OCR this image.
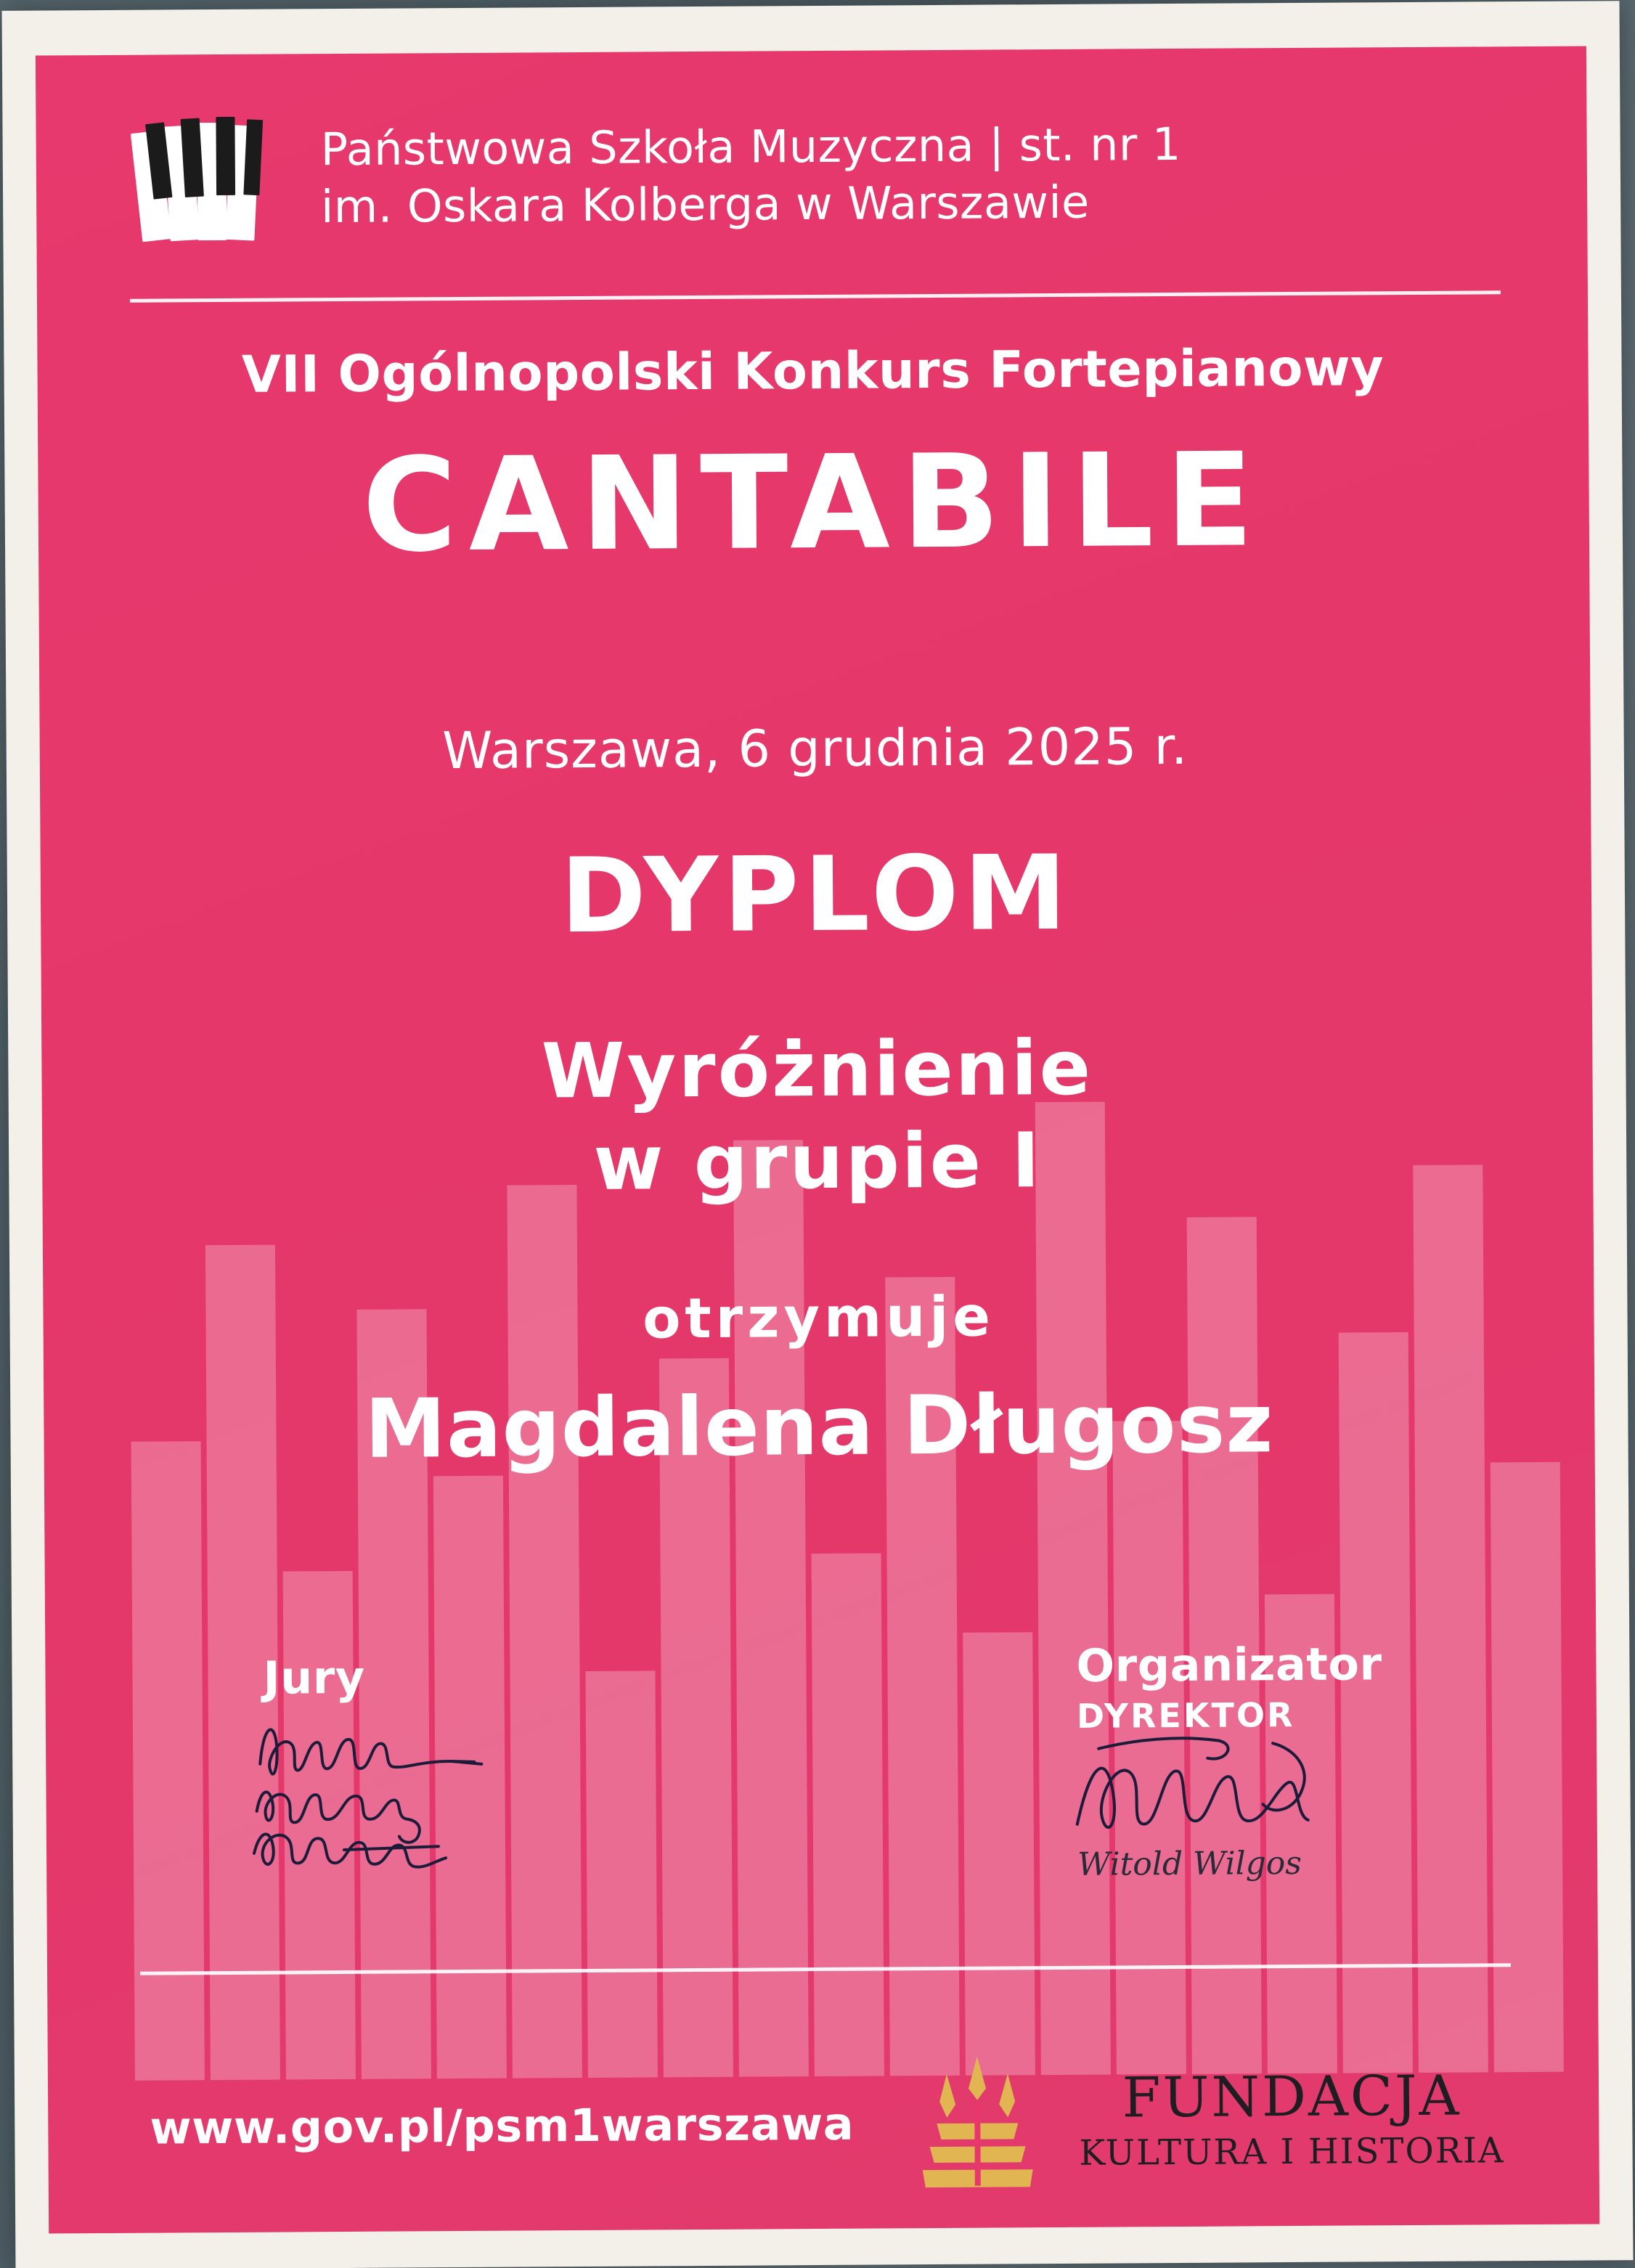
Państwowa Szkoła Muzyczna | st. nr 1
im. Oskara Kolberga w Warszawie
VII Ogólnopolski Konkurs Fortepianowy
CANTABILE
Warszawa, 6 grudnia 2025 r.
DYPLOM
Wyróżnienie
w grupie I
otrzymuje
Magdalena Długosz
Jury	Organizator
DYREKTOR
Witold Wilgos
www.gov.pl/psm1warszawa	FUNDACJA
KULTURA I HISTORIA
